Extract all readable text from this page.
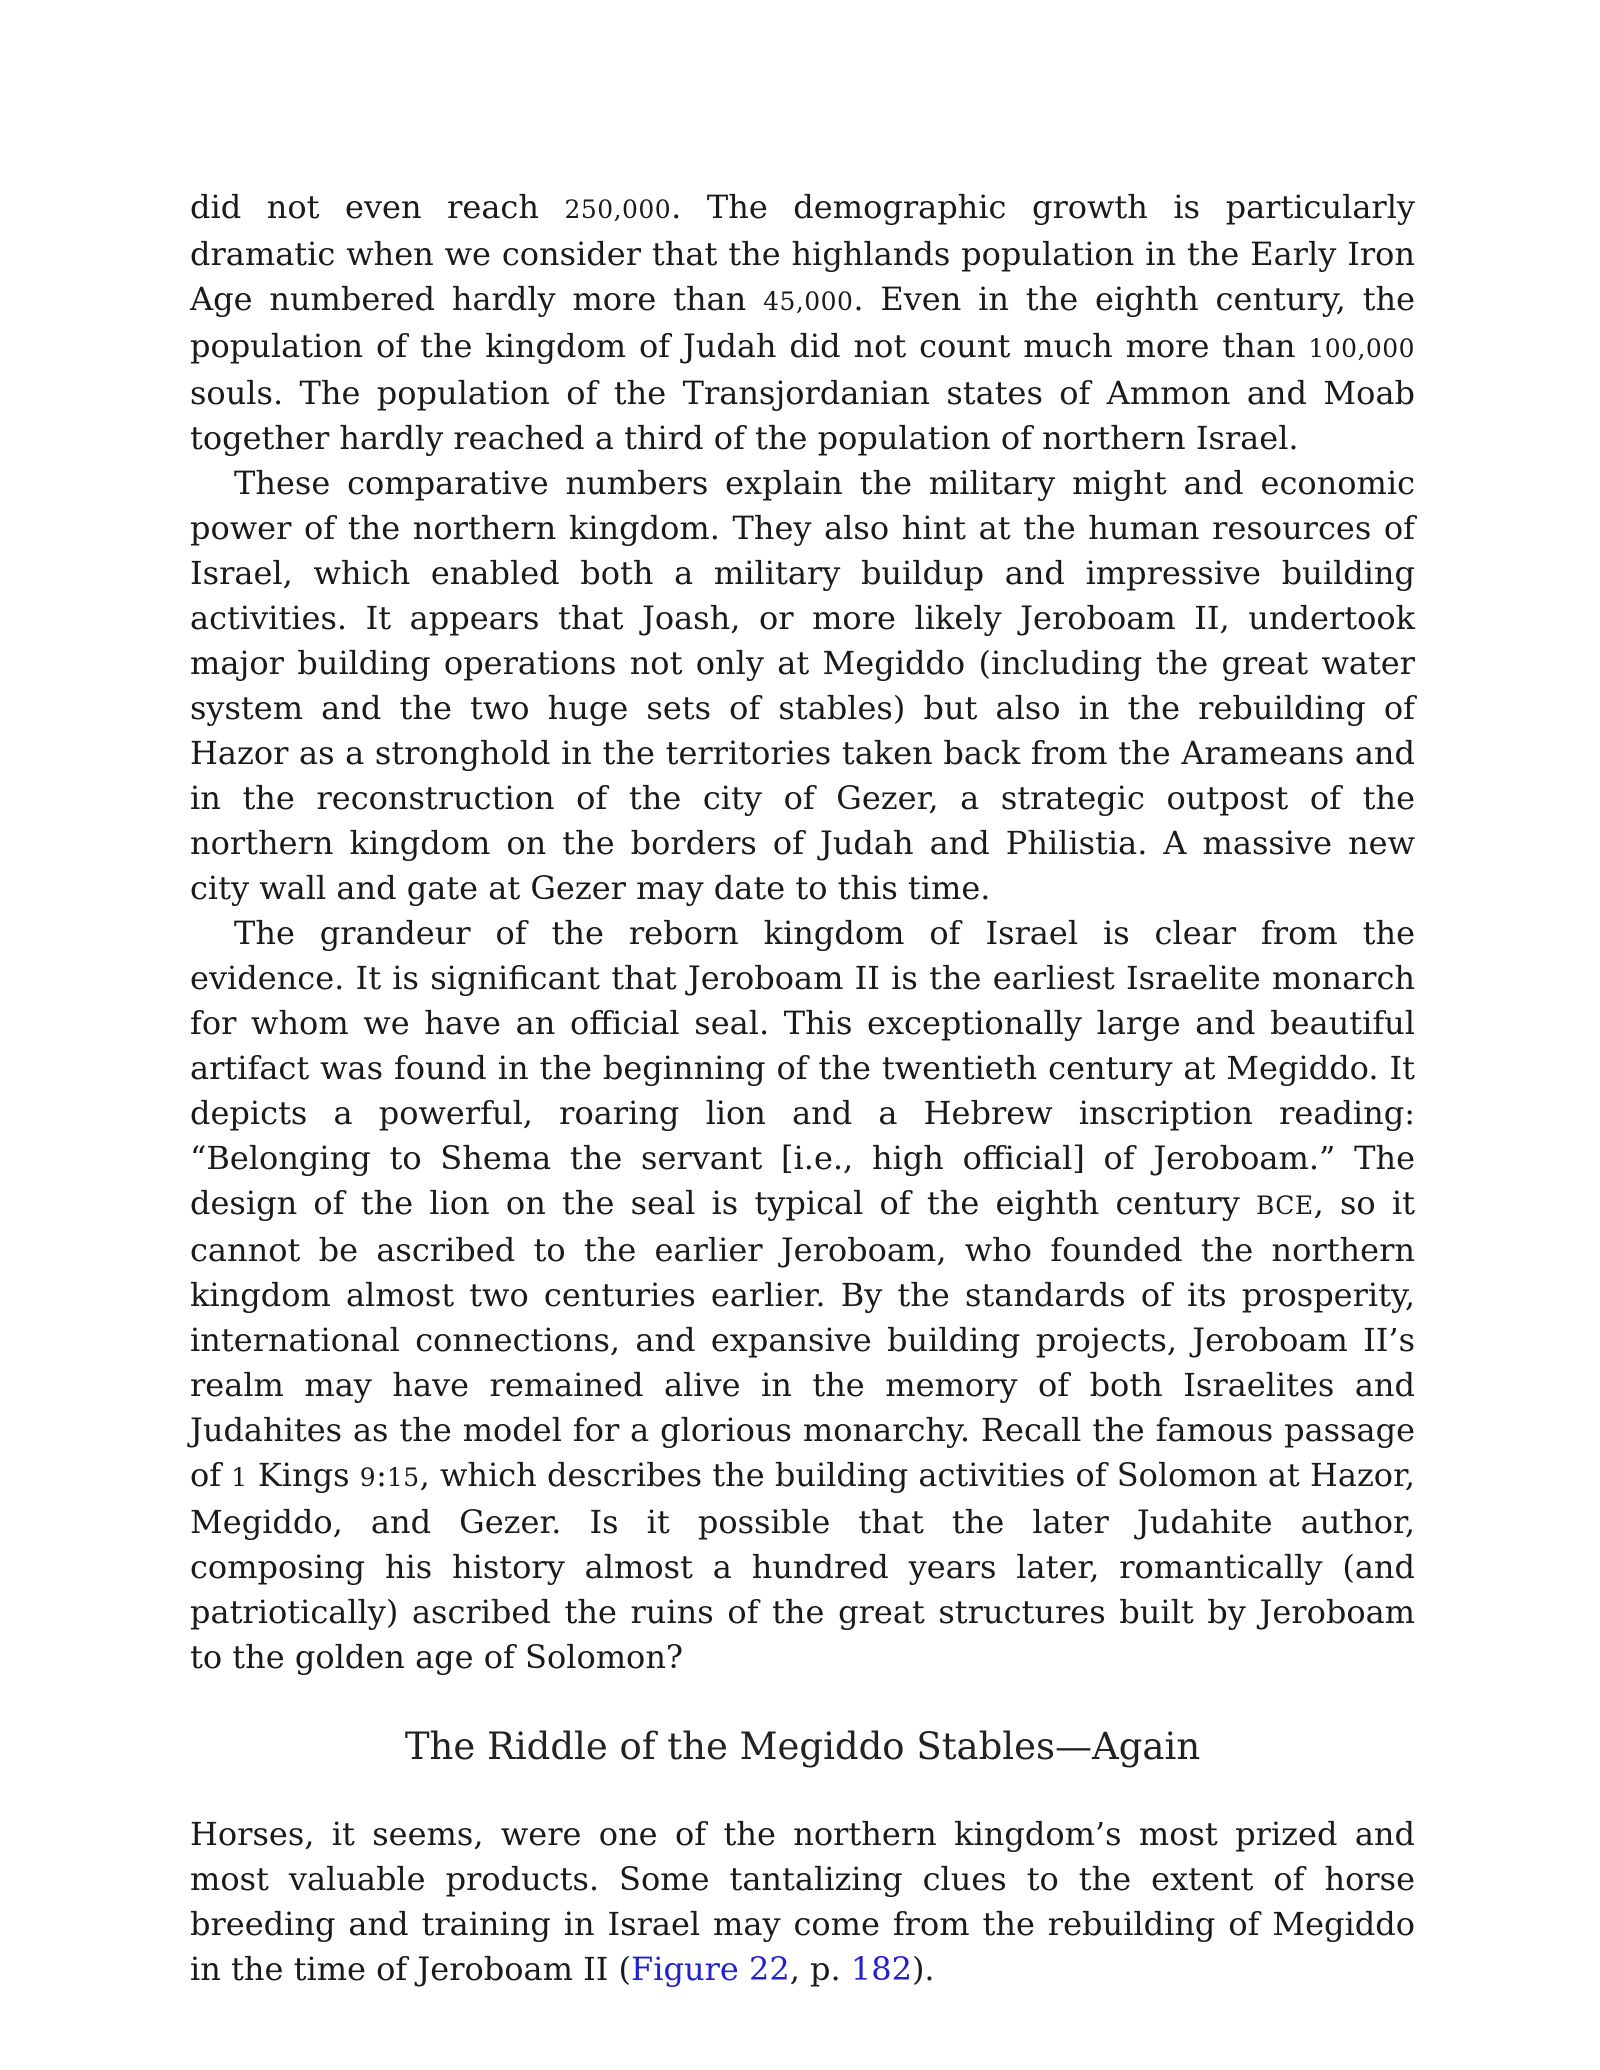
did not even reach 250,000. The demographic growth is particularly dramatic when we consider that the highlands population in the Early Iron Age numbered hardly more than 45,000. Even in the eighth century, the population of the kingdom of Judah did not count much more than 100,000 souls. The population of the Transjordanian states of Ammon and Moab together hardly reached a third of the population of northern Israel.

These comparative numbers explain the military might and economic power of the northern kingdom. They also hint at the human resources of Israel, which enabled both a military buildup and impressive building activities. It appears that Joash, or more likely Jeroboam II, undertook major building operations not only at Megiddo (including the great water system and the two huge sets of stables) but also in the rebuilding of Hazor as a stronghold in the territories taken back from the Arameans and in the reconstruction of the city of Gezer, a strategic outpost of the northern kingdom on the borders of Judah and Philistia. A massive new city wall and gate at Gezer may date to this time.

The grandeur of the reborn kingdom of Israel is clear from the evidence. It is significant that Jeroboam II is the earliest Israelite monarch for whom we have an official seal. This exceptionally large and beautiful artifact was found in the beginning of the twentieth century at Megiddo. It depicts a powerful, roaring lion and a Hebrew inscription reading: “Belonging to Shema the servant [i.e., high official] of Jeroboam.” The design of the lion on the seal is typical of the eighth century BCE, so it cannot be ascribed to the earlier Jeroboam, who founded the northern kingdom almost two centuries earlier. By the standards of its prosperity, international connections, and expansive building projects, Jeroboam II’s realm may have remained alive in the memory of both Israelites and Judahites as the model for a glorious monarchy. Recall the famous passage of 1 Kings 9:15, which describes the building activities of Solomon at Hazor, Megiddo, and Gezer. Is it possible that the later Judahite author, composing his history almost a hundred years later, romantically (and patriotically) ascribed the ruins of the great structures built by Jeroboam to the golden age of Solomon?

The Riddle of the Megiddo Stables—Again

Horses, it seems, were one of the northern kingdom’s most prized and most valuable products. Some tantalizing clues to the extent of horse breeding and training in Israel may come from the rebuilding of Megiddo in the time of Jeroboam II (Figure 22, p. 182).
